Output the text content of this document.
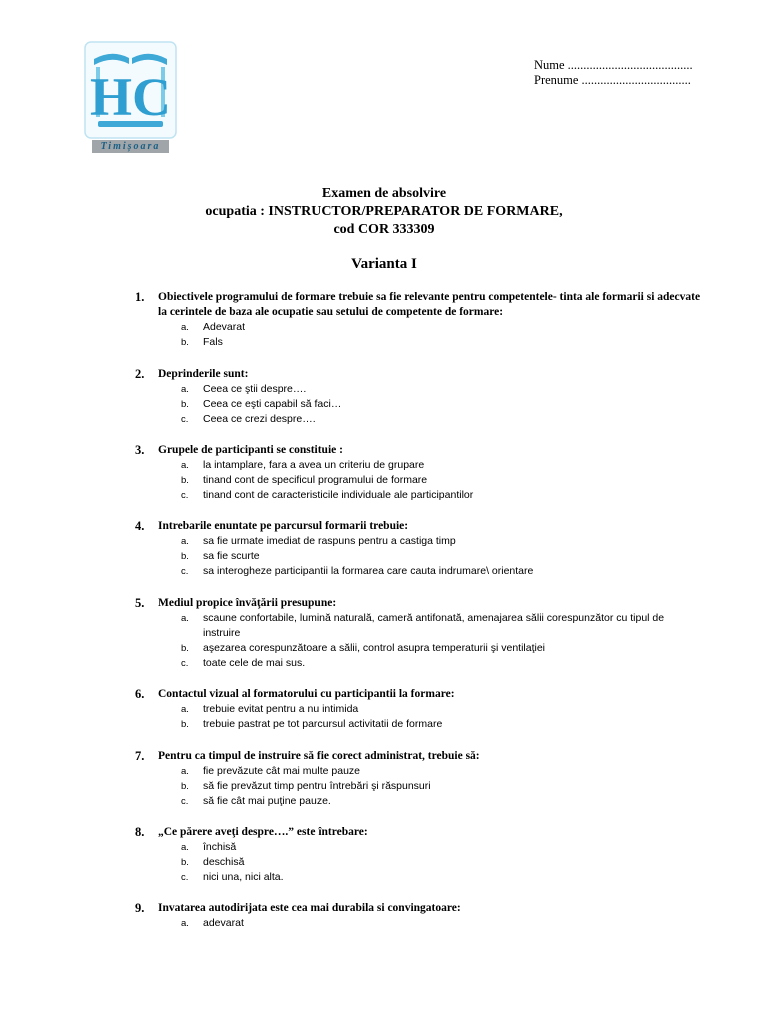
HC
Timișoara
Nume ........................................
Prenume ...................................
Examen de absolvire
ocupatia : INSTRUCTOR/PREPARATOR DE FORMARE,
cod COR 333309
Varianta I
1. Obiectivele programului de formare trebuie sa fie relevante pentru competentele- tinta ale formarii si adecvate la cerintele de baza ale ocupatie sau setului de competente de formare:
a. Adevarat
b. Fals
2. Deprinderile sunt:
a. Ceea ce ştii despre….
b. Ceea ce eşti capabil să faci…
c. Ceea ce crezi despre….
3. Grupele de participanti se constituie :
a. la intamplare, fara a avea un criteriu de grupare
b. tinand cont de specificul programului de formare
c. tinand cont de caracteristicile individuale ale participantilor
4. Intrebarile enuntate pe parcursul formarii trebuie:
a. sa fie urmate imediat de raspuns pentru a castiga timp
b. sa fie scurte
c. sa interogheze participantii la formarea care cauta indrumare\ orientare
5. Mediul propice învăţării presupune:
a. scaune confortabile, lumină naturală, cameră antifonată, amenajarea sălii corespunzător cu tipul de instruire
b. aşezarea corespunzătoare a sălii, control asupra temperaturii şi ventilaţiei
c. toate cele de mai sus.
6. Contactul vizual al formatorului cu participantii la formare:
a. trebuie evitat pentru a nu intimida
b. trebuie pastrat pe tot parcursul activitatii de formare
7. Pentru ca timpul de instruire să fie corect administrat, trebuie să:
a. fie prevăzute cât mai multe pauze
b. să fie prevăzut timp pentru întrebări şi răspunsuri
c. să fie cât mai puţine pauze.
8. „Ce părere aveţi despre….” este întrebare:
a. închisă
b. deschisă
c. nici una, nici alta.
9. Invatarea autodirijata este cea mai durabila si convingatoare:
a. adevarat
